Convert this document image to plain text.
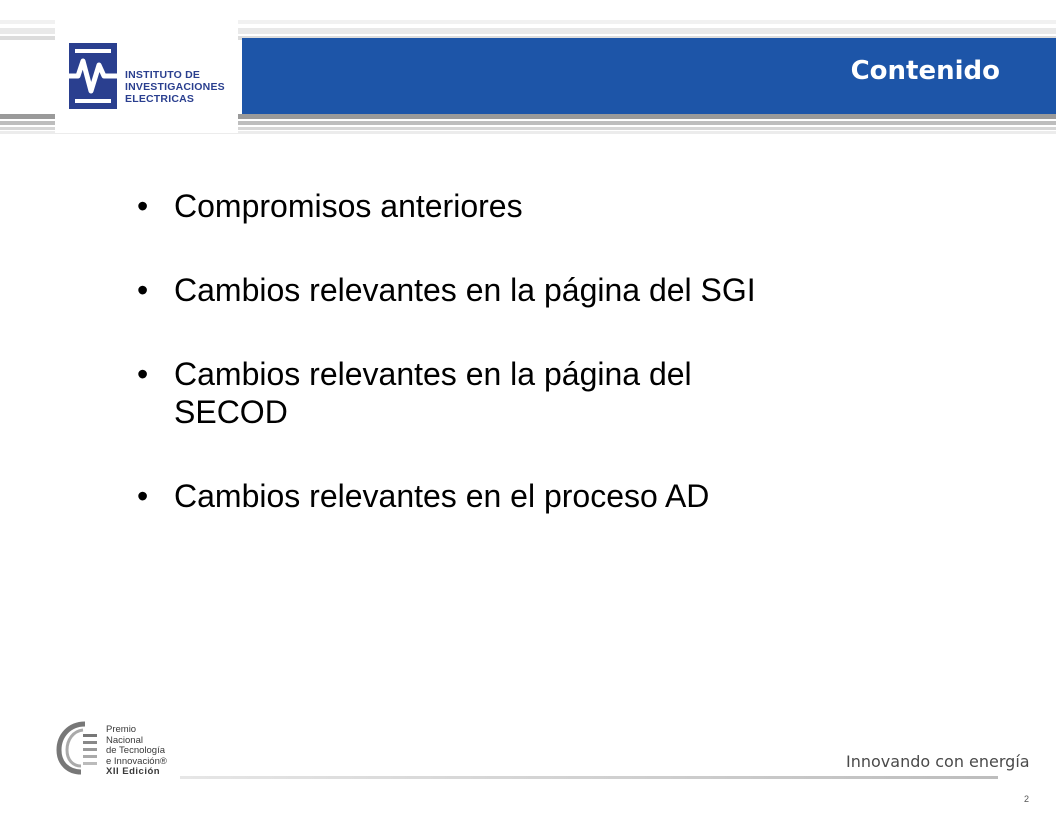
INSTITUTO DE
INVESTIGACIONES
ELECTRICAS
Contenido
• Compromisos anteriores
• Cambios relevantes en la página del SGI
• Cambios relevantes en la página del SECOD
• Cambios relevantes en el proceso AD
Premio
Nacional
de Tecnología
e Innovación®
XII Edición
Innovando con energía
2
